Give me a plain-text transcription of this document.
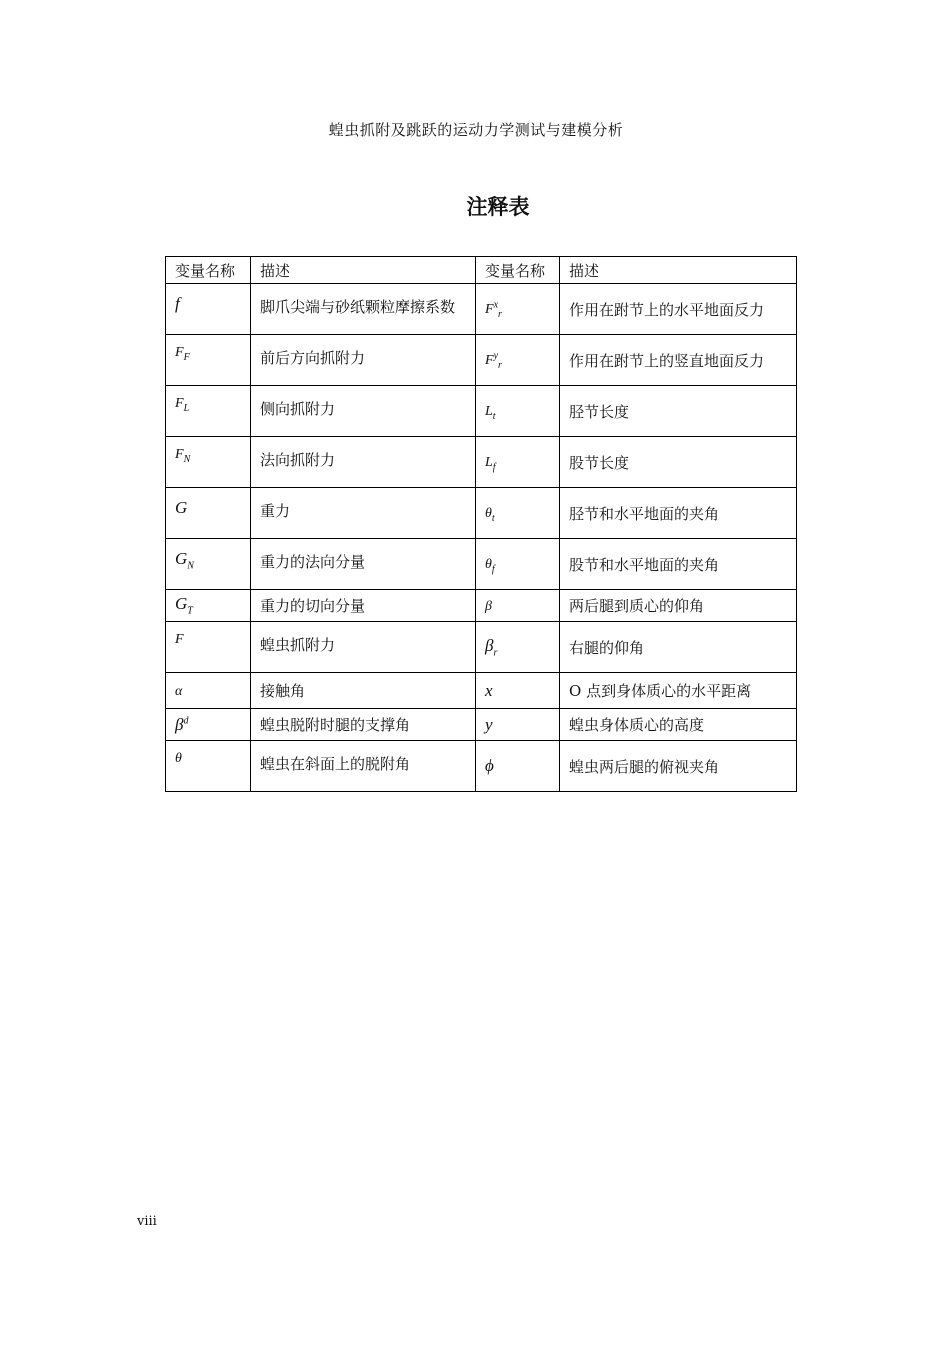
蝗虫抓附及跳跃的运动力学测试与建模分析
注释表
变量名称	描述	变量名称	描述
f	脚爪尖端与砂纸颗粒摩擦系数	$F^x_r$	作用在跗节上的水平地面反力
$F_F$	前后方向抓附力	$F^y_r$	作用在跗节上的竖直地面反力
$F_L$	侧向抓附力	$L_t$	胫节长度
$F_N$	法向抓附力	$L_f$	股节长度
G	重力	$\theta_t$	胫节和水平地面的夹角
$G_N$	重力的法向分量	$\theta_f$	股节和水平地面的夹角
$G_T$	重力的切向分量	β	两后腿到质心的仰角
F	蝗虫抓附力	$\beta_r$	右腿的仰角
α	接触角	x	O 点到身体质心的水平距离
$\beta^d$	蝗虫脱附时腿的支撑角	y	蝗虫身体质心的高度
θ	蝗虫在斜面上的脱附角	ϕ	蝗虫两后腿的俯视夹角
viii
